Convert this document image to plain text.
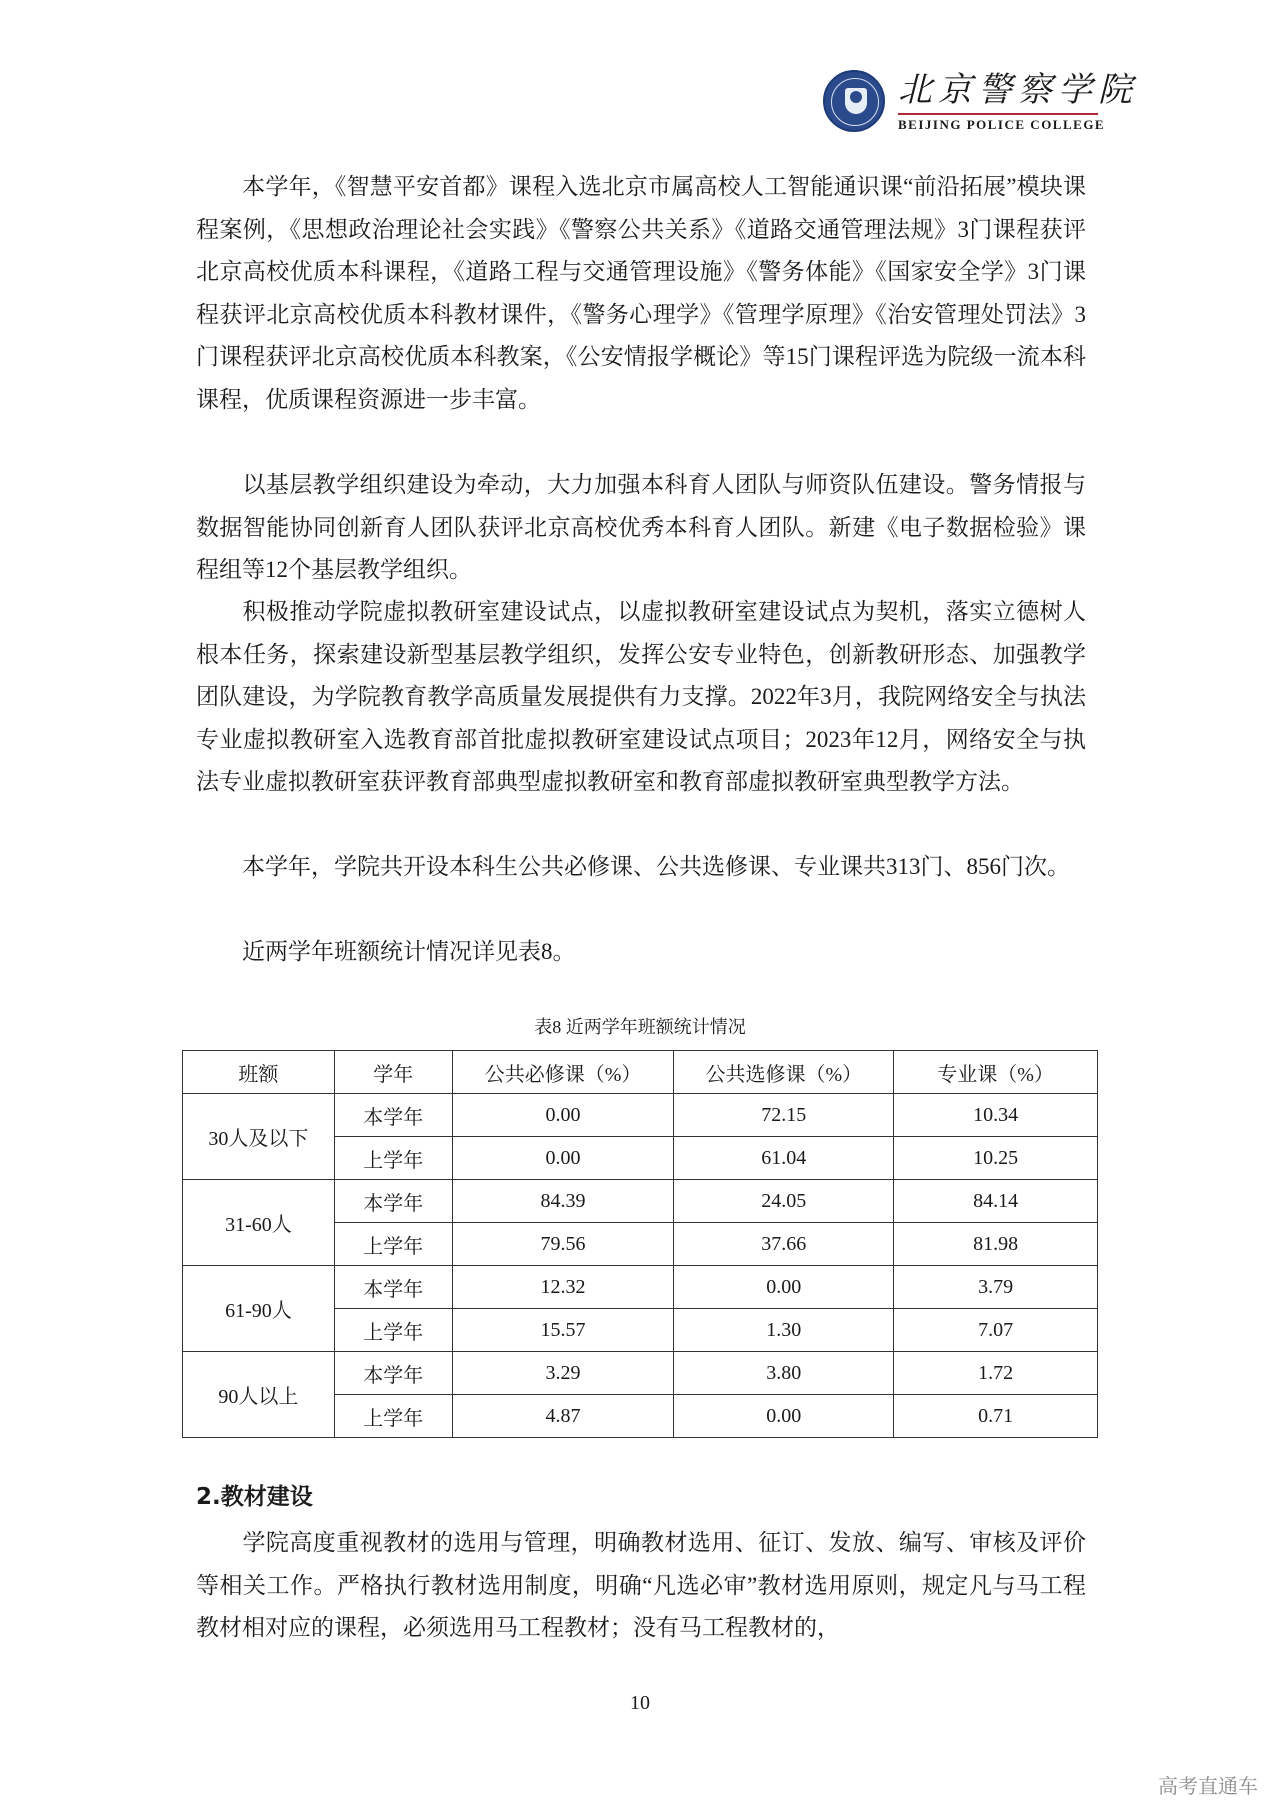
北京警察学院
BEIJING POLICE COLLEGE

本学年，《智慧平安首都》课程入选北京市属高校人工智能通识课“前沿拓展”模块课程案例，《思想政治理论社会实践》《警察公共关系》《道路交通管理法规》3门课程获评北京高校优质本科课程，《道路工程与交通管理设施》《警务体能》《国家安全学》3门课程获评北京高校优质本科教材课件，《警务心理学》《管理学原理》《治安管理处罚法》3门课程获评北京高校优质本科教案，《公安情报学概论》等15门课程评选为院级一流本科课程，优质课程资源进一步丰富。

以基层教学组织建设为牵动，大力加强本科育人团队与师资队伍建设。警务情报与数据智能协同创新育人团队获评北京高校优秀本科育人团队。新建《电子数据检验》课程组等12个基层教学组织。

积极推动学院虚拟教研室建设试点，以虚拟教研室建设试点为契机，落实立德树人根本任务，探索建设新型基层教学组织，发挥公安专业特色，创新教研形态、加强教学团队建设，为学院教育教学高质量发展提供有力支撑。2022年3月，我院网络安全与执法专业虚拟教研室入选教育部首批虚拟教研室建设试点项目；2023年12月，网络安全与执法专业虚拟教研室获评教育部典型虚拟教研室和教育部虚拟教研室典型教学方法。

本学年，学院共开设本科生公共必修课、公共选修课、专业课共313门、856门次。

近两学年班额统计情况详见表8。

表8 近两学年班额统计情况
班额	学年	公共必修课（%）	公共选修课（%）	专业课（%）
30人及以下	本学年	0.00	72.15	10.34
	上学年	0.00	61.04	10.25
31-60人	本学年	84.39	24.05	84.14
	上学年	79.56	37.66	81.98
61-90人	本学年	12.32	0.00	3.79
	上学年	15.57	1.30	7.07
90人以上	本学年	3.29	3.80	1.72
	上学年	4.87	0.00	0.71
2.教材建设

学院高度重视教材的选用与管理，明确教材选用、征订、发放、编写、审核及评价等相关工作。严格执行教材选用制度，明确“凡选必审”教材选用原则，规定凡与马工程教材相对应的课程，必须选用马工程教材；没有马工程教材的，

10
高考直通车
